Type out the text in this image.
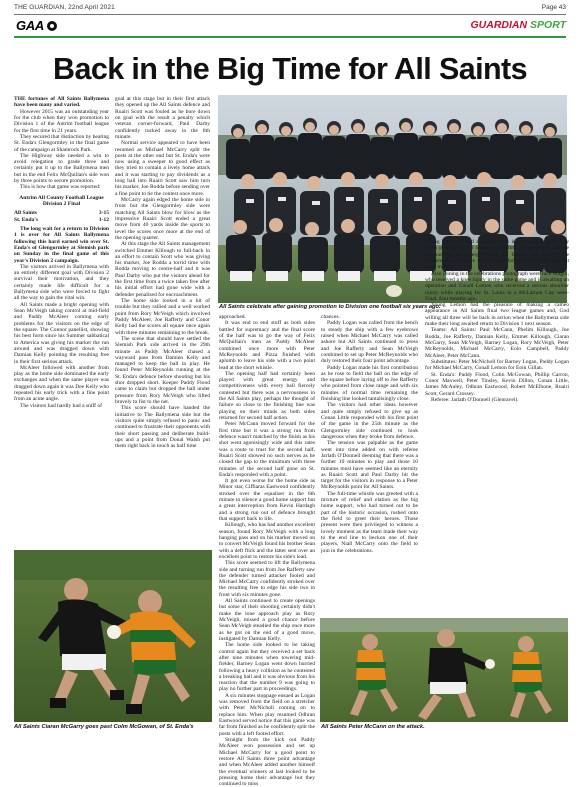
THE GUARDIAN, 22nd April 2021	Page 43
GAA	GUARDIAN SPORT
Back in the Big Time for All Saints

THE fortunes of All Saints Ballymena have been many and varied.

However 2015 was an outstanding year for the club when they won promotion to Division 1 of the Antrim football league for the first time in 21 years.

They secured that distinction by beating St. Enda's Glengormley in the final game of the campaign at Shamrock Park.

The Highway side needed a win to avoid relegation to grade three and certainly put it up to the Ballymena men but in the end Felix McQuillan's side won by three points to secure promotion.

This is how that game was reported:

Antrim All County Football League Division 2 Final

All Saints	3-15
St. Enda's	1-12

The long wait for a return to Division 1 is over for All Saints Ballymena following this hard earned win over St. Enda's of Glengormley at Slemish park on Sunday in the final game of this year's Division 2 campaign.

The visitors arrived in Ballymena with an entirely different goal with Division 2 survival their motivation, and they certainly made life difficult for a Ballymena side who were forced to fight all the way to gain the vital win.

All Saints made a bright opening with Sean McVeigh taking control at mid-field and Paddy McAleer coming early problems for the visitors on the edge of the square. The Connor panellist, showing his best form since his Summer sabbatical to America was giving his marker the run around and was dragged down with Damian Kelly pointing the resulting free in their first serious attack.

McAleer followed with another from play as the home side dominated the early exchanges and when the same player was dragged down again it was Dee Kelly who repeated his early trick with a fine point from an acute angle.

The visitors had hardly had a sniff of

goal at this stage but in their first attack they opened up the All Saints defence and Ruairi Scott was fouled as he bore down on goal with the result a penalty which veteran corner-forward, Paul Darby confidently tucked away in the 8th minute.

Normal service appeared to have been resumed as Michael McCarry split the posts at the other end but St. Enda's were now using a sweeper to good effect as they tried to contain a lively home attack and it was starting to pay dividends as a long ball into Ruairi Scott saw him turn his marker, Joe Rodda before sending over a fine point to tie the contest once more.

McCarry again edged the home side in front but the Glengormley side were matching All Saints blow for blow as the impressive Ruairi Scott ended a great move from 40 yards inside the sports to level the scores once more at the end of the opening quarter.

At this stage the All Saints management switched Emmet Killough to full-back in an effort to contain Scott who was giving his marker, Joe Rodda a torrid time with Rodda moving to centre-half and it was Paul Darby who put the visitors ahead for the first time from a twice taken free after his initial effort had gone wide with a defender penalised for encroachment.

The home side looked in a bit of trouble but they rallied and a well worked point from Rory McVeigh which involved Paddy McAleer, Joe Rafferty and Conor Kelly had the scores all square once again with three minutes remaining to the break.

The scene that should have settled the Slemish Park side arrived in the 29th minute as Paddy McAleer chased a wayward pass from Damien Kelly and managed to keep the ball in play. He found Peter McReynolds running at the St. Enda's defence before shooting but his shot dropped short. Keeper Paddy Flood came to claim but dropped the ball under pressure from Rory McVeigh who lifted bravely to fist to the net.

This score should have handed the initiative to The Ballymena side but the visitors quite simply refused to panic and continued to frustrate their opponents with their short passing and deliberate build-ups and a point from Donal Walsh put them right back in touch as half time

All Saints celebrate after gaining promotion to Division one football six years ago.

approached.

It was end to end stuff as both sides battled for supremacy and the final score of the half was to go the way of Felix McQuillan's men as Paddy McAleer combined once more with Peter McReynolds and Pizza finished with aplomb to leave his side with a two point lead at the short whistle.

The opening half had certainly been played with great energy and competitiveness with every ball fiercely contested but there was a nervousness in the All Saints play, perhaps the thought of failure so close to the finishing line was playing on their minds as both sides returned for second half action.

Peter McCann moved forward for the first time but it was a strong run from defence wasn't matched by the finish as his shot went agonisingly wide and this rates was a route to trust for the second half. Ruairi Scott showed no such nerves as he closed the gap to the minimum with three minutes of the second half gone on St. Enda's responded with a point.

It got even worse for the home side as Minor star, Ciffiaras Eastwood confidently stroked over the equaliser in the 6th minute to silence a good home support but a great interception from Kevin Hardagh and a strong run out of defence brought that support back to life.

Killough, who has had another excellent season, found Rory McVeigh with a long hanging pass and on his marker moved on to convert McVeigh found his brother Sean with a deft flick and the latter sent over an excellent point to restore his side's lead.

This score seemed to lift the Ballymena side and turning run from Joe Rafferty saw the defender turned attacker fooled and Michael McCarry confidently stroked over the resulting free to edge his side two in front with six minutes gone.

All Saints continued to create openings but some of their shooting certainly didn't make the lone approach play as Rory McVeigh, missed a good chance before Sean McVeigh steadied the ship once more as he got on the end of a good move, instigated by Damian Kelly.

The home side looked to be taking control again but they received a set back after nine minutes when towering mid-fielder, Barney Logan went down hurried following a heavy collision as he contested a breaking ball and it was obvious from his reaction that the number 9 was going to play no further part in proceedings.

A six minutes stoppage ensued as Logan was removed from the field on a stretcher with Peter McNicholl coming on to replace him. When play resumed Odhran Eastwood served notice that this game was far from finished as he confidently split the posts with a left footed effort.

Straight from the kick out Paddy McAleer won possession and set up Michael McCarry for a good point to restore All Saints three point advantage and when McAleer added another himself the eventual winners at last looked to be pressing home their advantage but they continued to miss

chances.

Paddy Logan was called from the bench to steady the ship with a few eyebrows raised when Michael McCarry was called ashore but All Saints continued to press and Joe Rafferty and Sean McVeigh combined to set up Peter McReynolds who duly restored their four point advantage.

Paddy Logan made his first contribution as he rose to field the ball on the edge of the square before laying off to Joe Rafferty who pointed from close range and with six minutes of normal time remaining the finishing line looked tantalisingly close.

The visitors had other ideas however and quite simply refused to give up as Conan Little responded with his first point of the game in the 25th minute as the Glengormley side continued to look dangerous when they broke from defence.

The tension was palpable as the game went into time added on with referee Jarlath O'Donnell deeming that there was a further 10 minutes to play and those 10 minutes must have seemed like an eternity as Ruairi Scott and Paul Darby hit the target for the visitors in response to a Peter McReynolds point for All Saints.

The full-time whistle was greeted with a mixture of relief and elation as the big home support, who had turned out to be part of the historic occasion, rushed onto the field to greet their heroes. Those present were then privileged to witness a lovely moment as the team made their way to the end line to beckon one of their players, Niall McCarry onto the field to join in the celebrations.

Young Niall received a serious neck injury back in early July when playing for All Saints in the Tom Football final and the unassuming lad emerged from his father's car wearing the Cinderella neck brace he has been forced to wear for the last three months.

Also joining in the celebrations photograph were Jack Magill, who received a knee injury in the same game and is awaiting an operation and Conall Lemon who received a serious shoulder injury while playing for St. Louis in a McLarnon Cup semi-Final, four months ago.

Young Lemon had the pleasure of making a cameo appearance in All Saints final two league games and, God willing all three will be back in action when the Ballymena side make their long awaited return to Division 1 next season.

Teams: All Saints: Paul McCann, Phelim Killough, Joe Rodda, Joe Rafferty, Damian Kelly, Emmet Killough, Ciaran McGarry, Sean McVeigh, Barney Logan, Rory McVeigh, Peter McReynolds, Michael McCarry, Eoin Campbell, Paddy McAleer, Peter McCann.

Substitutes: Peter McNicholl for Barney Logan, Paddy Logan for Michael McCarry, Conall Lemon for Eoin Gillan.

St. Enda's: Paddy Flood, Colin McGowan, Phillip Carron, Conor Maxwell, Peter Tinsley, Kevin Dillon, Conan Little, James McAuley, Odhran Eastwood, Robert McElhone, Ruairi Scott, Gerard Crossey.

Referee: Jarlath O'Donnell (Glenravel).

All Saints Ciaran McGarry goes past Colm McGowan, of St. Enda's	All Saints Peter McCann on the attack.
